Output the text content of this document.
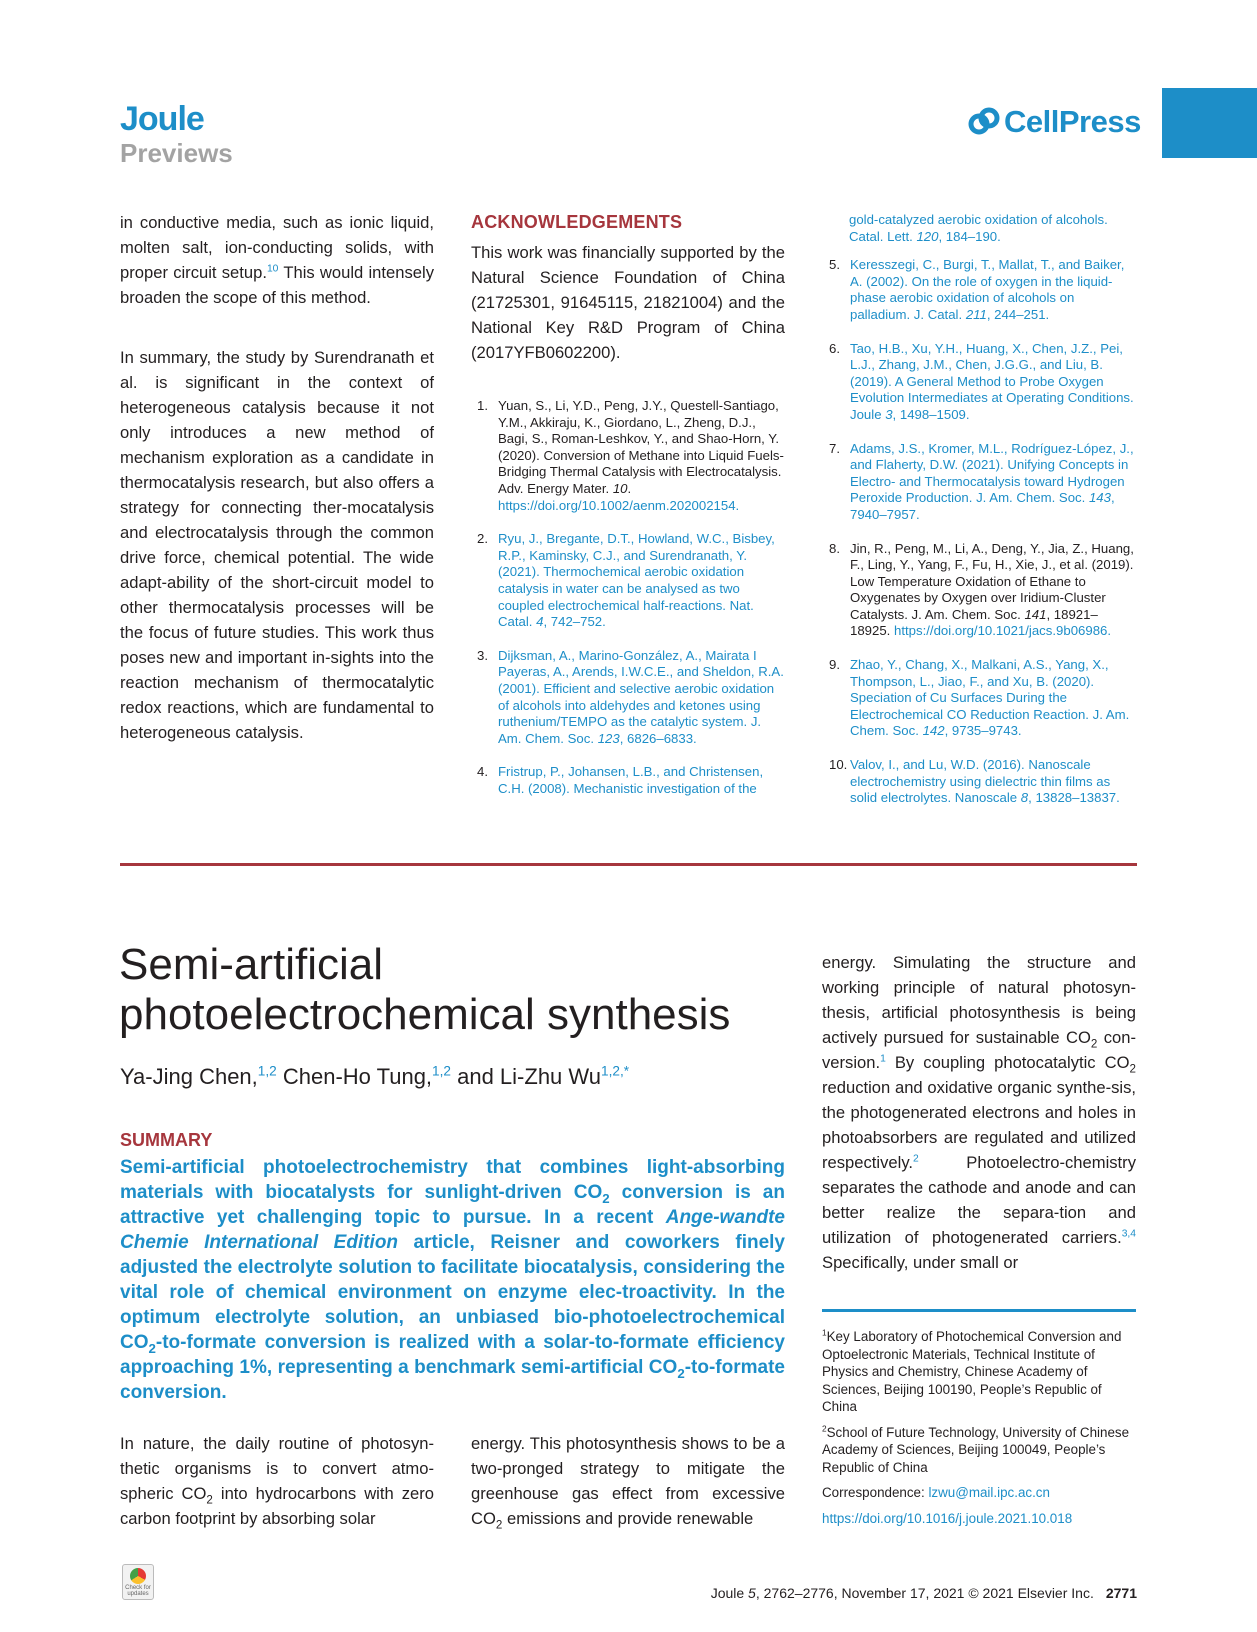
Joule
Previews
CellPress

in conductive media, such as ionic liquid, molten salt, ion-conducting solids, with proper circuit setup.$^{10}$ This would intensely broaden the scope of this method.

In summary, the study by Surendranath et al. is significant in the context of heterogeneous catalysis because it not only introduces a new method of mechanism exploration as a candidate in thermocatalysis research, but also offers a strategy for connecting ther-mocatalysis and electrocatalysis through the common drive force, chemical potential. The wide adapt-ability of the short-circuit model to other thermocatalysis processes will be the focus of future studies. This work thus poses new and important in-sights into the reaction mechanism of thermocatalytic redox reactions, which are fundamental to heterogeneous catalysis.

ACKNOWLEDGEMENTS

This work was financially supported by the Natural Science Foundation of China (21725301, 91645115, 21821004) and the National Key R&D Program of China (2017YFB0602200).

1. Yuan, S., Li, Y.D., Peng, J.Y., Questell-Santiago, Y.M., Akkiraju, K., Giordano, L., Zheng, D.J., Bagi, S., Roman-Leshkov, Y., and Shao-Horn, Y. (2020). Conversion of Methane into Liquid Fuels-Bridging Thermal Catalysis with Electrocatalysis. Adv. Energy Mater. 10. https://doi.org/10.1002/aenm.202002154.
2. Ryu, J., Bregante, D.T., Howland, W.C., Bisbey, R.P., Kaminsky, C.J., and Surendranath, Y. (2021). Thermochemical aerobic oxidation catalysis in water can be analysed as two coupled electrochemical half-reactions. Nat. Catal. 4, 742–752.
3. Dijksman, A., Marino-González, A., Mairata I Payeras, A., Arends, I.W.C.E., and Sheldon, R.A. (2001). Efficient and selective aerobic oxidation of alcohols into aldehydes and ketones using ruthenium/TEMPO as the catalytic system. J. Am. Chem. Soc. 123, 6826–6833.
4. Fristrup, P., Johansen, L.B., and Christensen, C.H. (2008). Mechanistic investigation of the
gold-catalyzed aerobic oxidation of alcohols. Catal. Lett. 120, 184–190.
5. Keresszegi, C., Burgi, T., Mallat, T., and Baiker, A. (2002). On the role of oxygen in the liquid-phase aerobic oxidation of alcohols on palladium. J. Catal. 211, 244–251.
6. Tao, H.B., Xu, Y.H., Huang, X., Chen, J.Z., Pei, L.J., Zhang, J.M., Chen, J.G.G., and Liu, B. (2019). A General Method to Probe Oxygen Evolution Intermediates at Operating Conditions. Joule 3, 1498–1509.
7. Adams, J.S., Kromer, M.L., Rodríguez-López, J., and Flaherty, D.W. (2021). Unifying Concepts in Electro- and Thermocatalysis toward Hydrogen Peroxide Production. J. Am. Chem. Soc. 143, 7940–7957.
8. Jin, R., Peng, M., Li, A., Deng, Y., Jia, Z., Huang, F., Ling, Y., Yang, F., Fu, H., Xie, J., et al. (2019). Low Temperature Oxidation of Ethane to Oxygenates by Oxygen over Iridium-Cluster Catalysts. J. Am. Chem. Soc. 141, 18921–18925. https://doi.org/10.1021/jacs.9b06986.
9. Zhao, Y., Chang, X., Malkani, A.S., Yang, X., Thompson, L., Jiao, F., and Xu, B. (2020). Speciation of Cu Surfaces During the Electrochemical CO Reduction Reaction. J. Am. Chem. Soc. 142, 9735–9743.
10. Valov, I., and Lu, W.D. (2016). Nanoscale electrochemistry using dielectric thin films as solid electrolytes. Nanoscale 8, 13828–13837.
Semi-artificial photoelectrochemical synthesis
Ya-Jing Chen,$^{1,2}$ Chen-Ho Tung,$^{1,2}$ and Li-Zhu $Wu^{1,2,*}$
SUMMARY
Semi-artificial photoelectrochemistry that combines light-absorbing materials with biocatalysts for sunlight-driven $CO_2$ conversion is an attractive yet challenging topic to pursue. In a recent Ange-wandte Chemie International Edition article, Reisner and coworkers finely adjusted the electrolyte solution to facilitate biocatalysis, considering the vital role of chemical environment on enzyme elec-troactivity. In the optimum electrolyte solution, an unbiased bio-photoelectrochemical $CO_2-to$-formate conversion is realized with a solar-to-formate efficiency approaching 1%, representing a benchmark semi-artificial $CO_2-to$-formate conversion.

In nature, the daily routine of photosyn-thetic organisms is to convert atmo-spheric $CO_2$ into hydrocarbons with zero carbon footprint by absorbing solar

energy. This photosynthesis shows to be a two-pronged strategy to mitigate the greenhouse gas effect from excessive $CO_2$ emissions and provide renewable

energy. Simulating the structure and working principle of natural photosyn-thesis, artificial photosynthesis is being actively pursued for sustainable $CO_2$ con-version.$^1$ By coupling photocatalytic $CO_2$ reduction and oxidative organic synthe-sis, the photogenerated electrons and holes in photoabsorbers are regulated and utilized respectively.$^2$ Photoelectro-chemistry separates the cathode and anode and can better realize the separa-tion and utilization of photogenerated carriers.$^{3,4}$ Specifically, under small or

$^1$Key Laboratory of Photochemical Conversion and Optoelectronic Materials, Technical Institute of Physics and Chemistry, Chinese Academy of Sciences, Beijing 100190, People’s Republic of China

$^2$School of Future Technology, University of Chinese Academy of Sciences, Beijing 100049, People’s Republic of China

Correspondence: lzwu@mail.ipc.ac.cn

https://doi.org/10.1016/j.joule.2021.10.018

Check for updates	Joule 5, 2762–2776, November 17, 2021 © 2021 Elsevier Inc. 2771
